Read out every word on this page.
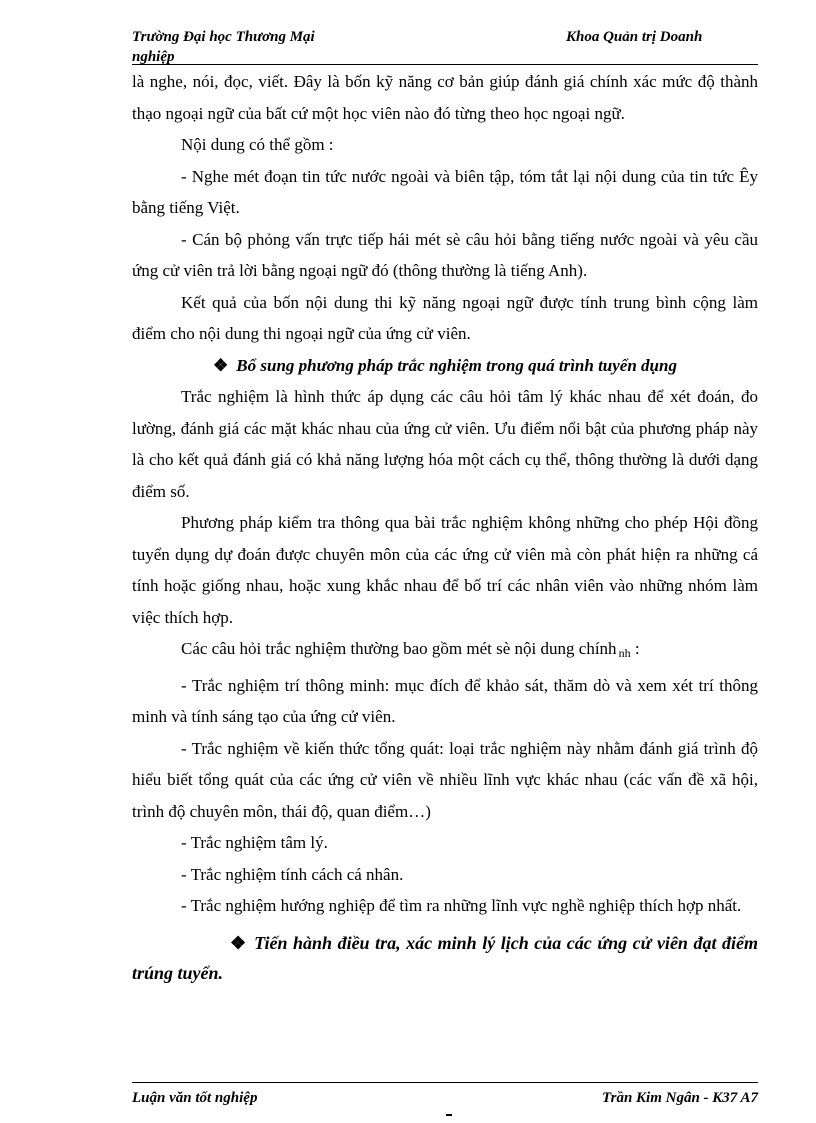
Trường Đại học Thương Mại
nghiệp
Khoa Quản trị Doanh

là nghe, nói, đọc, viết. Đây là bốn kỹ năng cơ bản giúp đánh giá chính xác mức độ thành thạo ngoại ngữ của bất cứ một học viên nào đó từng theo học ngoại ngữ.

Nội dung có thể gồm :

- Nghe mét đoạn tin tức nước ngoài và biên tập, tóm tắt lại nội dung của tin tức Êy bằng tiếng Việt.

- Cán bộ phỏng vấn trực tiếp hái mét sè câu hỏi bằng tiếng nước ngoài và yêu cầu ứng cử viên trả lời bằng ngoại ngữ đó (thông thường là tiếng Anh).

Kết quả của bốn nội dung thi kỹ năng ngoại ngữ được tính trung bình cộng làm điểm cho nội dung thi ngoại ngữ của ứng cử viên.

❖ Bổ sung phương pháp trắc nghiệm trong quá trình tuyển dụng

Trắc nghiệm là hình thức áp dụng các câu hỏi tâm lý khác nhau để xét đoán, đo lường, đánh giá các mặt khác nhau của ứng cử viên. Ưu điểm nổi bật của phương pháp này là cho kết quả đánh giá có khả năng lượng hóa một cách cụ thể, thông thường là dưới dạng điểm số.

Phương pháp kiểm tra thông qua bài trắc nghiệm không những cho phép Hội đồng tuyển dụng dự đoán được chuyên môn của các ứng cử viên mà còn phát hiện ra những cá tính hoặc giống nhau, hoặc xung khắc nhau để bố trí các nhân viên vào những nhóm làm việc thích hợp.

Các câu hỏi trắc nghiệm thường bao gồm mét sè nội dung chính $_{nh}$ :

- Trắc nghiệm trí thông minh: mục đích để khảo sát, thăm dò và xem xét trí thông minh và tính sáng tạo của ứng cử viên.

- Trắc nghiệm về kiến thức tổng quát: loại trắc nghiệm này nhằm đánh giá trình độ hiểu biết tổng quát của các ứng cử viên về nhiều lĩnh vực khác nhau (các vấn đề xã hội, trình độ chuyên môn, thái độ, quan điểm…)

- Trắc nghiệm tâm lý.

- Trắc nghiệm tính cách cá nhân.

- Trắc nghiệm hướng nghiệp để tìm ra những lĩnh vực nghề nghiệp thích hợp nhất.

❖ Tiến hành điều tra, xác minh lý lịch của các ứng cử viên đạt điểm trúng tuyển.

Luận văn tốt nghiệp	Trần Kim Ngân - K37 A7
